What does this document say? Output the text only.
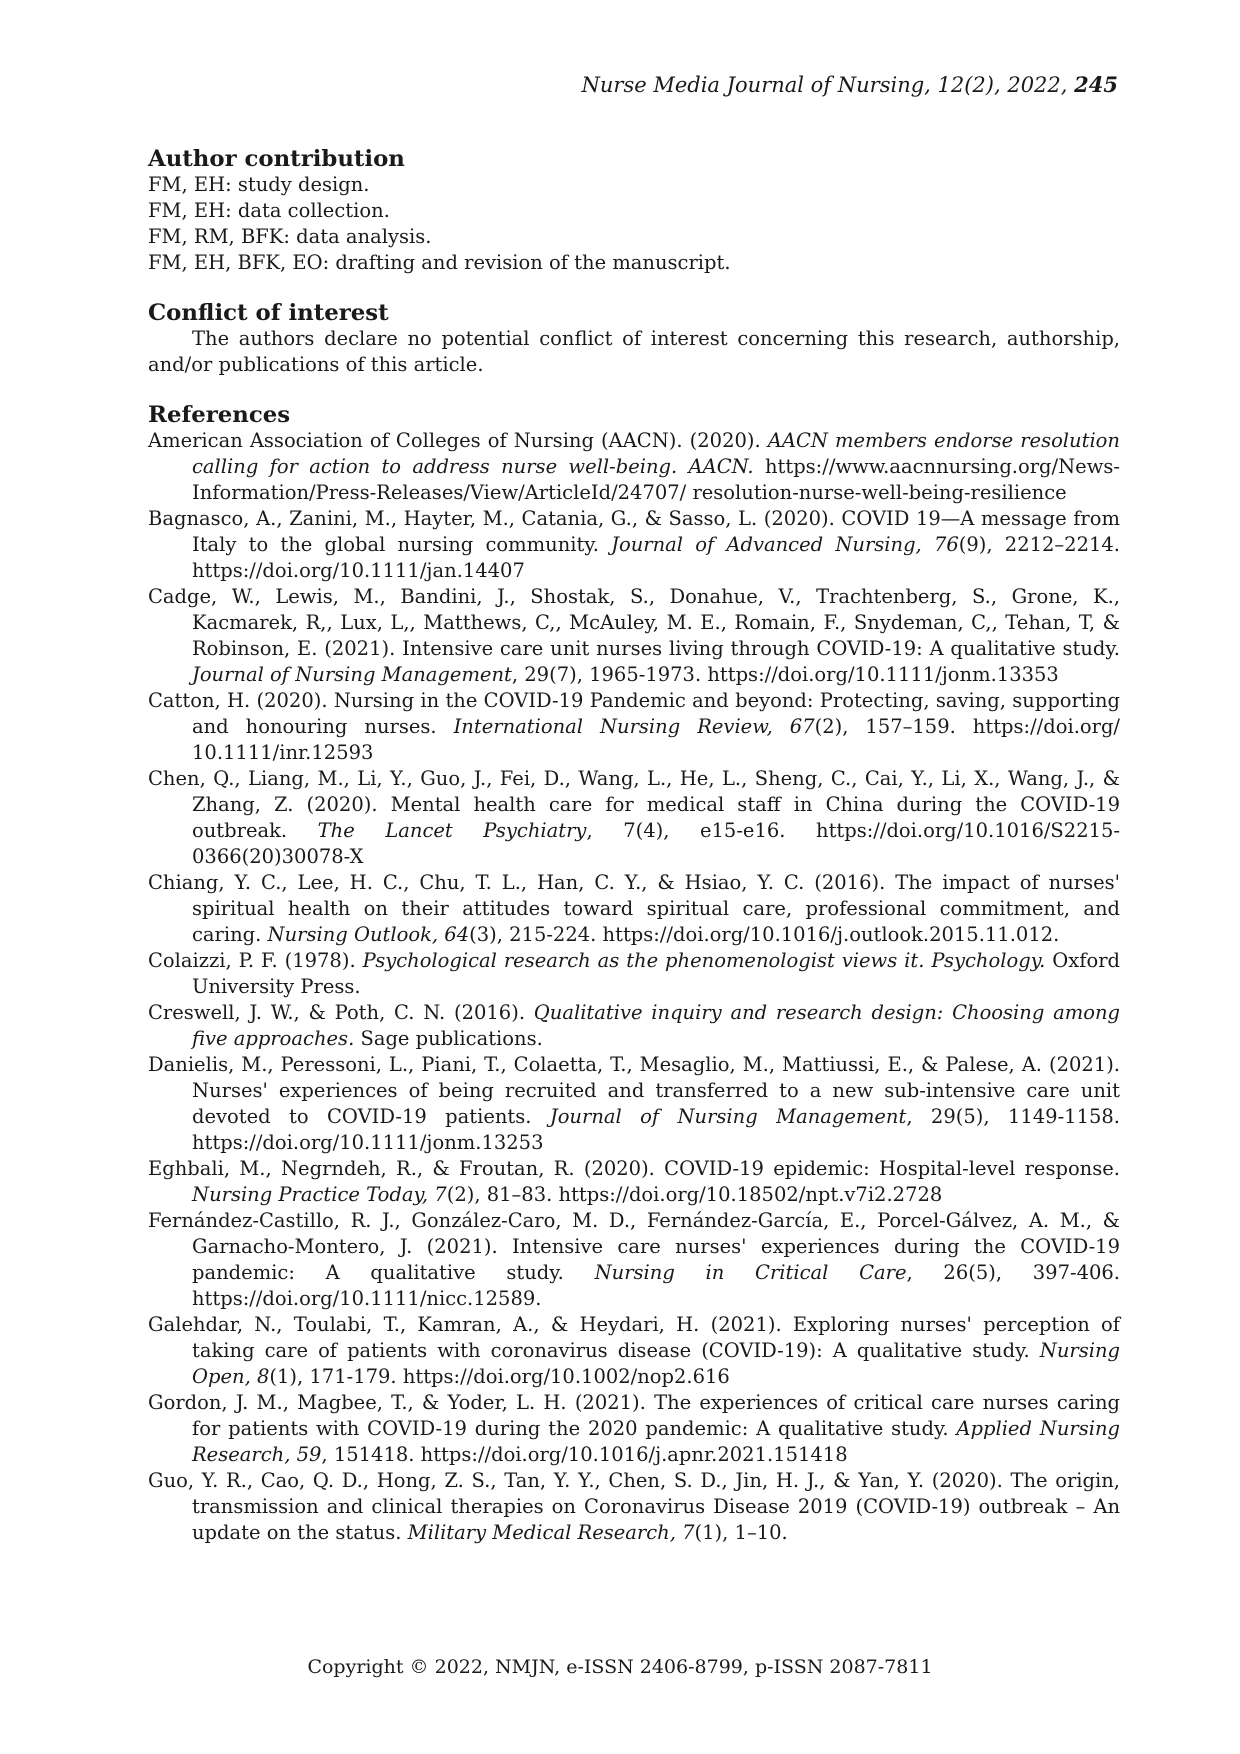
Nurse Media Journal of Nursing, 12(2), 2022, 245
Author contribution

FM, EH: study design.

FM, EH: data collection.

FM, RM, BFK: data analysis.

FM, EH, BFK, EO: drafting and revision of the manuscript.

Conflict of interest

The authors declare no potential conflict of interest concerning this research, authorship, and/or publications of this article.

References

American Association of Colleges of Nursing (AACN). (2020). AACN members endorse resolution calling for action to address nurse well-being. AACN. https://www.aacnnursing.org/News-Information/Press-Releases/View/ArticleId/24707/ resolution-nurse-well-being-resilience

Bagnasco, A., Zanini, M., Hayter, M., Catania, G., & Sasso, L. (2020). COVID 19—A message from Italy to the global nursing community. Journal of Advanced Nursing, 76(9), 2212–2214. https://doi.org/10.1111/jan.14407

Cadge, W., Lewis, M., Bandini, J., Shostak, S., Donahue, V., Trachtenberg, S., Grone, K., Kacmarek, R,, Lux, L,, Matthews, C,, McAuley, M. E., Romain, F., Snydeman, C,, Tehan, T, & Robinson, E. (2021). Intensive care unit nurses living through COVID-19: A qualitative study. Journal of Nursing Management, 29(7), 1965-1973. https://doi.org/10.1111/jonm.13353

Catton, H. (2020). Nursing in the COVID-19 Pandemic and beyond: Protecting, saving, supporting and honouring nurses. International Nursing Review, 67(2), 157–159. https://doi.org/ 10.1111/inr.12593

Chen, Q., Liang, M., Li, Y., Guo, J., Fei, D., Wang, L., He, L., Sheng, C., Cai, Y., Li, X., Wang, J., & Zhang, Z. (2020). Mental health care for medical staff in China during the COVID-19 outbreak. The Lancet Psychiatry, 7(4), e15-e16. https://doi.org/10.1016/S2215-0366(20)30078-X

Chiang, Y. C., Lee, H. C., Chu, T. L., Han, C. Y., & Hsiao, Y. C. (2016). The impact of nurses' spiritual health on their attitudes toward spiritual care, professional commitment, and caring. Nursing Outlook, 64(3), 215-224. https://doi.org/10.1016/j.outlook.2015.11.012.

Colaizzi, P. F. (1978). Psychological research as the phenomenologist views it. Psychology. Oxford University Press.

Creswell, J. W., & Poth, C. N. (2016). Qualitative inquiry and research design: Choosing among five approaches. Sage publications.

Danielis, M., Peressoni, L., Piani, T., Colaetta, T., Mesaglio, M., Mattiussi, E., & Palese, A. (2021). Nurses' experiences of being recruited and transferred to a new sub-intensive care unit devoted to COVID-19 patients. Journal of Nursing Management, 29(5), 1149-1158. https://doi.org/10.1111/jonm.13253

Eghbali, M., Negrndeh, R., & Froutan, R. (2020). COVID-19 epidemic: Hospital-level response. Nursing Practice Today, 7(2), 81–83. https://doi.org/10.18502/npt.v7i2.2728

Fernández-Castillo, R. J., González-Caro, M. D., Fernández-García, E., Porcel-Gálvez, A. M., & Garnacho-Montero, J. (2021). Intensive care nurses' experiences during the COVID-19 pandemic: A qualitative study. Nursing in Critical Care, 26(5), 397-406. https://doi.org/10.1111/nicc.12589.

Galehdar, N., Toulabi, T., Kamran, A., & Heydari, H. (2021). Exploring nurses' perception of taking care of patients with coronavirus disease (COVID-19): A qualitative study. Nursing Open, 8(1), 171-179. https://doi.org/10.1002/nop2.616

Gordon, J. M., Magbee, T., & Yoder, L. H. (2021). The experiences of critical care nurses caring for patients with COVID-19 during the 2020 pandemic: A qualitative study. Applied Nursing Research, 59, 151418. https://doi.org/10.1016/j.apnr.2021.151418

Guo, Y. R., Cao, Q. D., Hong, Z. S., Tan, Y. Y., Chen, S. D., Jin, H. J., & Yan, Y. (2020). The origin, transmission and clinical therapies on Coronavirus Disease 2019 (COVID-19) outbreak – An update on the status. Military Medical Research, 7(1), 1–10.

Copyright © 2022, NMJN, e-ISSN 2406-8799, p-ISSN 2087-7811
